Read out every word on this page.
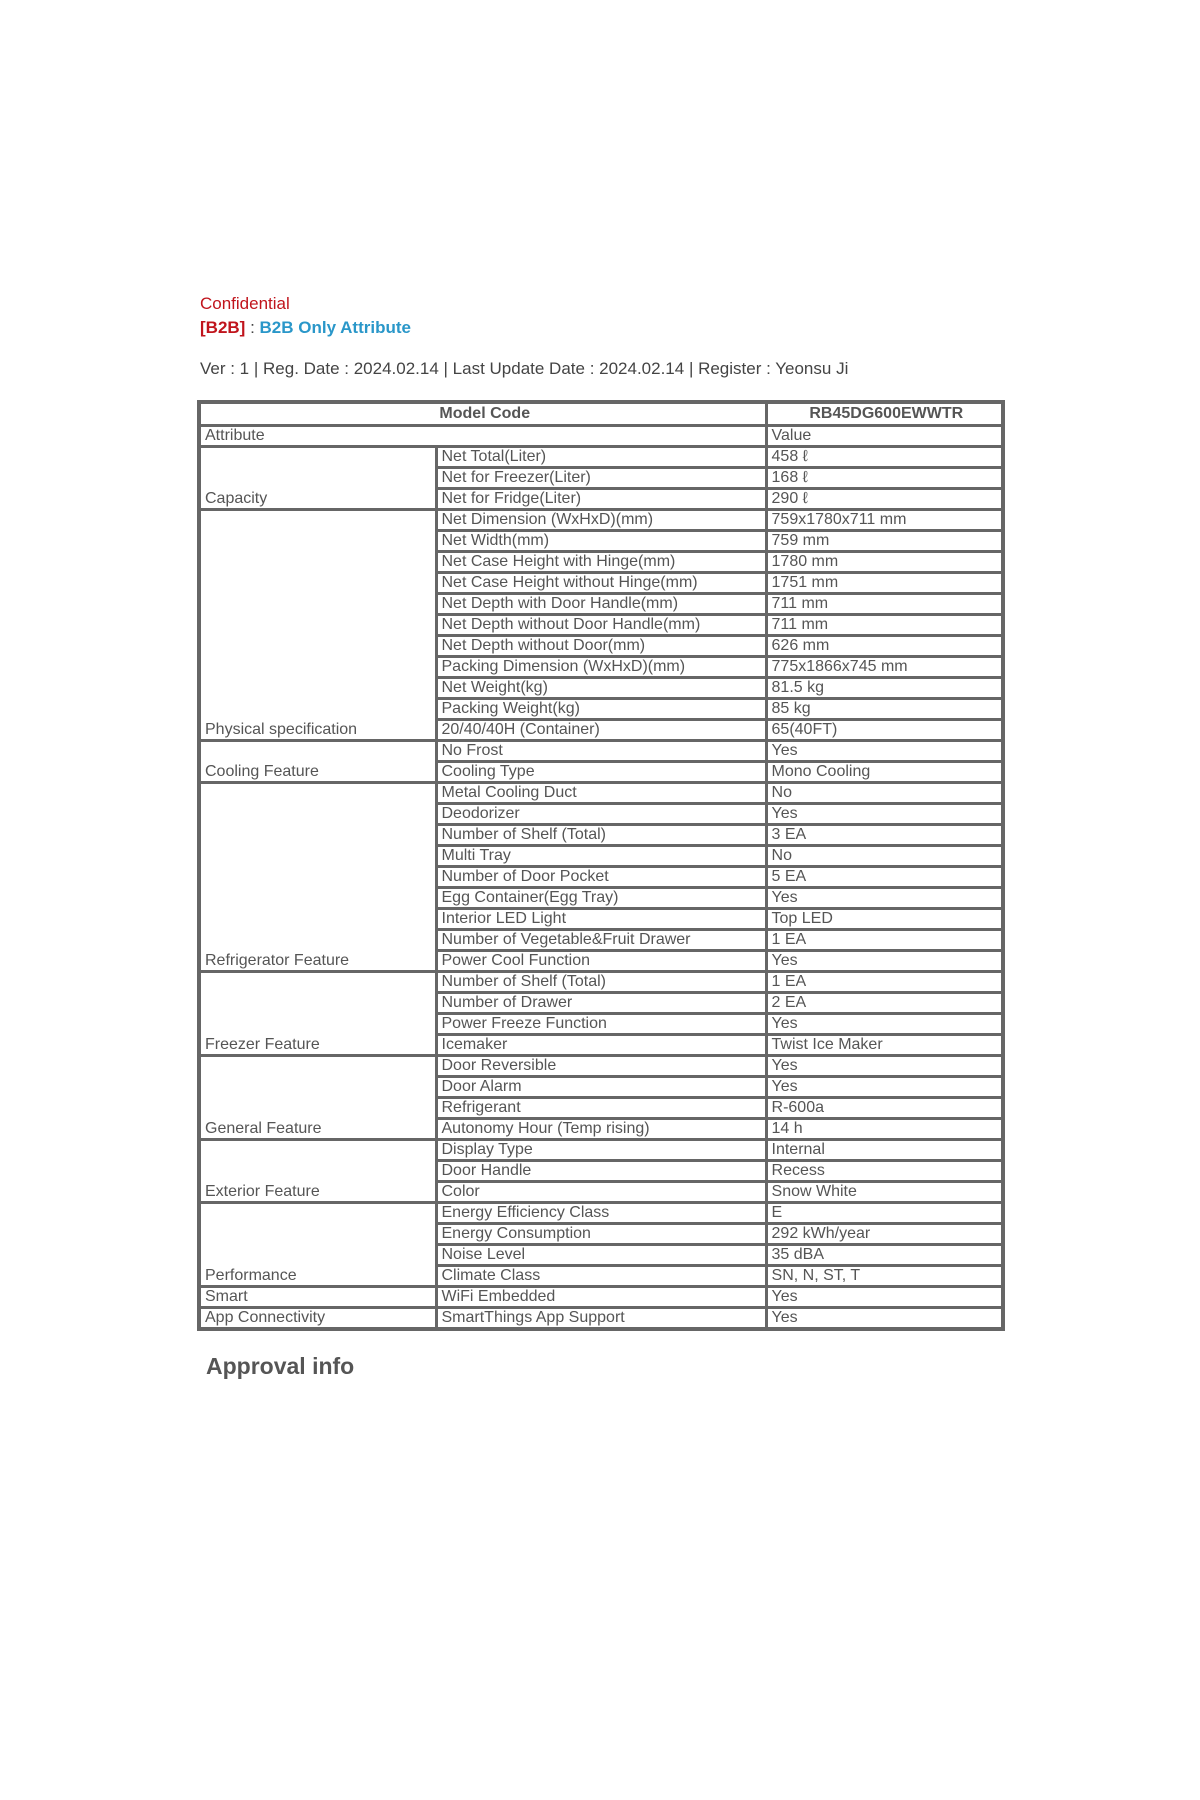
Confidential
[B2B] : B2B Only Attribute
Ver : 1 | Reg. Date : 2024.02.14 | Last Update Date : 2024.02.14 | Register : Yeonsu Ji
Model Code		RB45DG600EWWTR
Attribute		Value
Capacity	Net Total(Liter)	458 ℓ
	Net for Freezer(Liter)	168 ℓ
	Net for Fridge(Liter)	290 ℓ
Physical specification	Net Dimension (WxHxD)(mm)	759x1780x711 mm
	Net Width(mm)	759 mm
	Net Case Height with Hinge(mm)	1780 mm
	Net Case Height without Hinge(mm)	1751 mm
	Net Depth with Door Handle(mm)	711 mm
	Net Depth without Door Handle(mm)	711 mm
	Net Depth without Door(mm)	626 mm
	Packing Dimension (WxHxD)(mm)	775x1866x745 mm
	Net Weight(kg)	81.5 kg
	Packing Weight(kg)	85 kg
	20/40/40H (Container)	65(40FT)
Cooling Feature	No Frost	Yes
	Cooling Type	Mono Cooling
Refrigerator Feature	Metal Cooling Duct	No
	Deodorizer	Yes
	Number of Shelf (Total)	3 EA
	Multi Tray	No
	Number of Door Pocket	5 EA
	Egg Container(Egg Tray)	Yes
	Interior LED Light	Top LED
	Number of Vegetable&Fruit Drawer	1 EA
	Power Cool Function	Yes
Freezer Feature	Number of Shelf (Total)	1 EA
	Number of Drawer	2 EA
	Power Freeze Function	Yes
	Icemaker	Twist Ice Maker
General Feature	Door Reversible	Yes
	Door Alarm	Yes
	Refrigerant	R-600a
	Autonomy Hour (Temp rising)	14 h
Exterior Feature	Display Type	Internal
	Door Handle	Recess
	Color	Snow White
Performance	Energy Efficiency Class	E
	Energy Consumption	292 kWh/year
	Noise Level	35 dBA
	Climate Class	SN, N, ST, T
Smart	WiFi Embedded	Yes
App Connectivity	SmartThings App Support	Yes
Approval info
